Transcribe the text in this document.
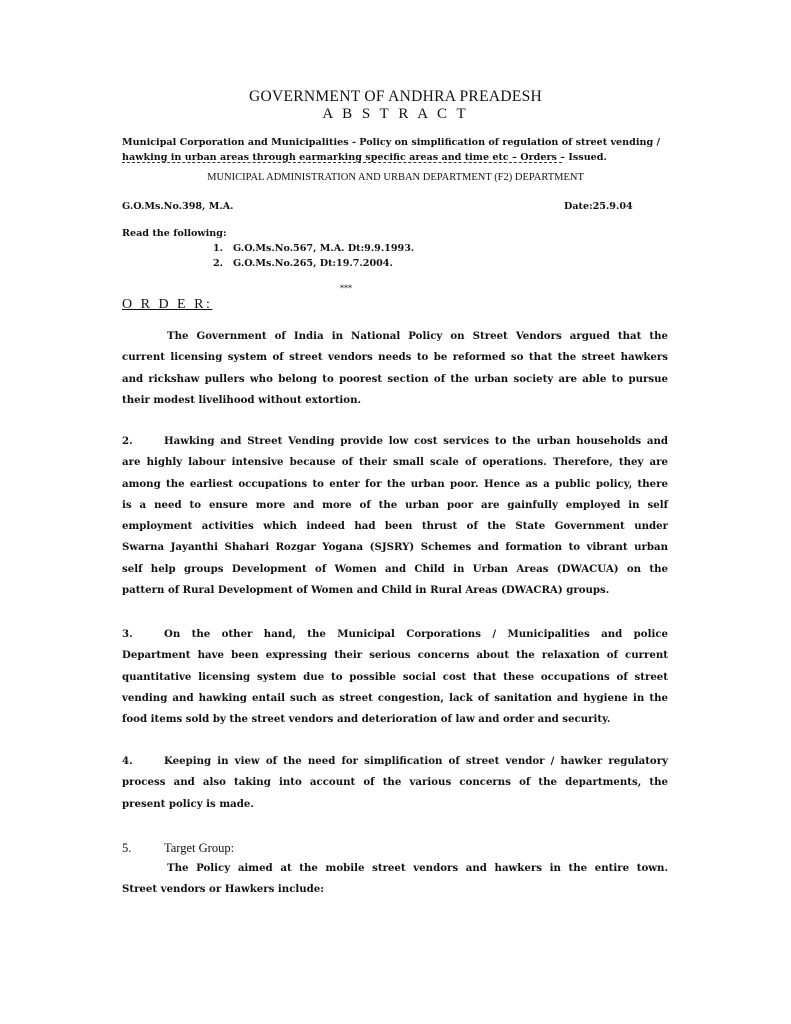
GOVERNMENT OF ANDHRA PREADESH
A B S T R A C T
Municipal Corporation and Municipalities - Policy on simplification of regulation of street vending /
hawking in urban areas through earmarking specific areas and time etc – Orders – Issued.
MUNICIPAL ADMINISTRATION AND URBAN DEPARTMENT (F2) DEPARTMENT
G.O.Ms.No.398, M.A.	Date:25.9.04
Read the following:
1.   G.O.Ms.No.567, M.A. Dt:9.9.1993.
2.   G.O.Ms.No.265, Dt:19.7.2004.
***
O R D E R:
The Government of India in National Policy on Street Vendors argued that the
current licensing system of street vendors needs to be reformed so that the street hawkers
and rickshaw pullers who belong to poorest section of the urban society are able to pursue
their modest livelihood without extortion.
2.	Hawking and Street Vending provide low cost services to the urban households and
are highly labour intensive because of their small scale of operations. Therefore, they are
among the earliest occupations to enter for the urban poor. Hence as a public policy, there
is a need to ensure more and more of the urban poor are gainfully employed in self
employment activities which indeed had been thrust of the State Government under
Swarna Jayanthi Shahari Rozgar Yogana (SJSRY) Schemes and formation to vibrant urban
self help groups Development of Women and Child in Urban Areas (DWACUA) on the
pattern of Rural Development of Women and Child in Rural Areas (DWACRA) groups.
3.	On the other hand, the Municipal Corporations / Municipalities and police
Department have been expressing their serious concerns about the relaxation of current
quantitative licensing system due to possible social cost that these occupations of street
vending and hawking entail such as street congestion, lack of sanitation and hygiene in the
food items sold by the street vendors and deterioration of law and order and security.
4.	Keeping in view of the need for simplification of street vendor / hawker regulatory
process and also taking into account of the various concerns of the departments, the
present policy is made.
5.	Target Group:
The Policy aimed at the mobile street vendors and hawkers in the entire town.
Street vendors or Hawkers include:
